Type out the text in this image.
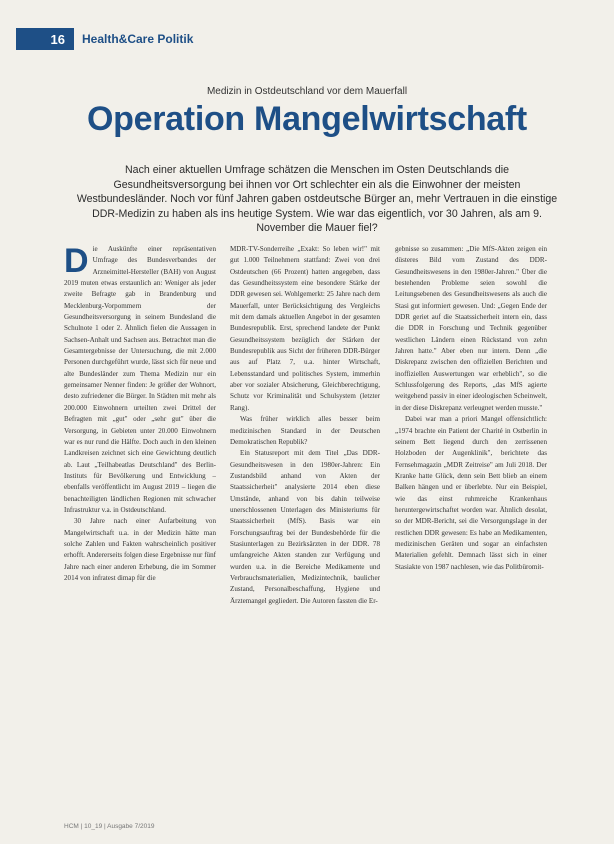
16	Health&Care Politik
Medizin in Ostdeutschland vor dem Mauerfall
Operation Mangelwirtschaft
Nach einer aktuellen Umfrage schätzen die Menschen im Osten Deutschlands die Gesundheitsversorgung bei ihnen vor Ort schlechter ein als die Einwohner der meisten Westbundesländer. Noch vor fünf Jahren gaben ostdeutsche Bürger an, mehr Vertrauen in die einstige DDR-Medizin zu haben als ins heutige System. Wie war das eigentlich, vor 30 Jahren, als am 9. November die Mauer fiel?

Die Auskünfte einer repräsentativen Umfrage des Bundesverbandes der Arzneimittel-Hersteller (BAH) von August 2019 muten etwas erstaunlich an: Weniger als jeder zweite Befragte gab in Brandenburg und Mecklenburg-Vorpommern der Gesundheitsversorgung in seinem Bundesland die Schulnote 1 oder 2. Ähnlich fielen die Aussagen in Sachsen-Anhalt und Sachsen aus. Betrachtet man die Gesamtergebnisse der Untersuchung, die mit 2.000 Personen durchgeführt wurde, lässt sich für neue und alte Bundesländer zum Thema Medizin nur ein gemeinsamer Nenner finden: Je größer der Wohnort, desto zufriedener die Bürger. In Städten mit mehr als 200.000 Einwohnern urteilten zwei Drittel der Befragten mit „gut" oder „sehr gut" über die Versorgung, in Gebieten unter 20.000 Einwohnern war es nur rund die Hälfte. Doch auch in den kleinen Landkreisen zeichnet sich eine Gewichtung deutlich ab. Laut „Teilhabeatlas Deutschland" des Berlin-Instituts für Bevölkerung und Entwicklung – ebenfalls veröffentlicht im August 2019 – liegen die benachteiligten ländlichen Regionen mit schwacher Infrastruktur v.a. in Ostdeutschland.

30 Jahre nach einer Aufarbeitung von Mangelwirtschaft u.a. in der Medizin hätte man solche Zahlen und Fakten wahrscheinlich positiver erhofft. Andererseits folgen diese Ergebnisse nur fünf Jahre nach einer anderen Erhebung, die im Sommer 2014 von infratest dimap für die

MDR-TV-Sonderreihe „Exakt: So leben wir!" mit gut 1.000 Teilnehmern stattfand: Zwei von drei Ostdeutschen (66 Prozent) hatten angegeben, dass das Gesundheitssystem eine besondere Stärke der DDR gewesen sei. Wohlgemerkt: 25 Jahre nach dem Mauerfall, unter Berücksichtigung des Vergleichs mit dem damals aktuellen Angebot in der gesamten Bundesrepublik. Erst, sprechend landete der Punkt Gesundheitssystem bezüglich der Stärken der Bundesrepublik aus Sicht der früheren DDR-Bürger aus auf Platz 7, u.a. hinter Wirtschaft, Lebensstandard und politisches System, immerhin aber vor sozialer Absicherung, Gleichberechtigung, Schutz vor Kriminalität und Schulsystem (letzter Rang).

Was früher wirklich alles besser beim medizinischen Standard in der Deutschen Demokratischen Republik?

Ein Statusreport mit dem Titel „Das DDR-Gesundheitswesen in den 1980er-Jahren: Ein Zustandsbild anhand von Akten der Staatssicherheit" analysierte 2014 eben diese Umstände, anhand von bis dahin teilweise unerschlossenen Unterlagen des Ministeriums für Staatssicherheit (MfS). Basis war ein Forschungsauftrag bei der Bundesbehörde für die Stasiunterlagen zu Bezirksärzten in der DDR. 78 umfangreiche Akten standen zur Verfügung und wurden u.a. in die Bereiche Medikamente und Verbrauchsmaterialien, Medizintechnik, baulicher Zustand, Personalbeschaffung, Hygiene und Ärztemangel gegliedert. Die Autoren fassten die Er-

gebnisse so zusammen: „Die MfS-Akten zeigen ein düsteres Bild vom Zustand des DDR-Gesundheitswesens in den 1980er-Jahren." Über die bestehenden Probleme seien sowohl die Leitungsebenen des Gesundheitswesens als auch die Stasi gut informiert gewesen. Und: „Gegen Ende der DDR geriet auf die Staatssicherheit intern ein, dass die DDR in Forschung und Technik gegenüber westlichen Ländern einen Rückstand von zehn Jahren hatte." Aber eben nur intern. Denn „die Diskrepanz zwischen den offiziellen Berichten und inoffiziellen Auswertungen war erheblich", so die Schlussfolgerung des Reports, „das MfS agierte weitgehend passiv in einer ideologischen Scheinwelt, in der diese Diskrepanz verleugnet werden musste."

Dabei war man a priori Mangel offensichtlich: „1974 brachte ein Patient der Charité in Ostberlin in seinem Bett liegend durch den zerrissenen Holzboden der Augenklinik", berichtete das Fernsehmagazin „MDR Zeitreise" am Juli 2018. Der Kranke hatte Glück, denn sein Bett blieb an einem Balken hängen und er überlebte. Nur ein Beispiel, wie das einst ruhmreiche Krankenhaus heruntergewirtschaftet worden war. Ähnlich desolat, so der MDR-Bericht, sei die Versorgungslage in der restlichen DDR gewesen: Es habe an Medikamenten, medizinischen Geräten und sogar an einfachsten Materialien gefehlt. Demnach lässt sich in einer Stasiakte von 1987 nachlesen, wie das Politbüromit-

HCM | 10_19 | Ausgabe 7/2019
